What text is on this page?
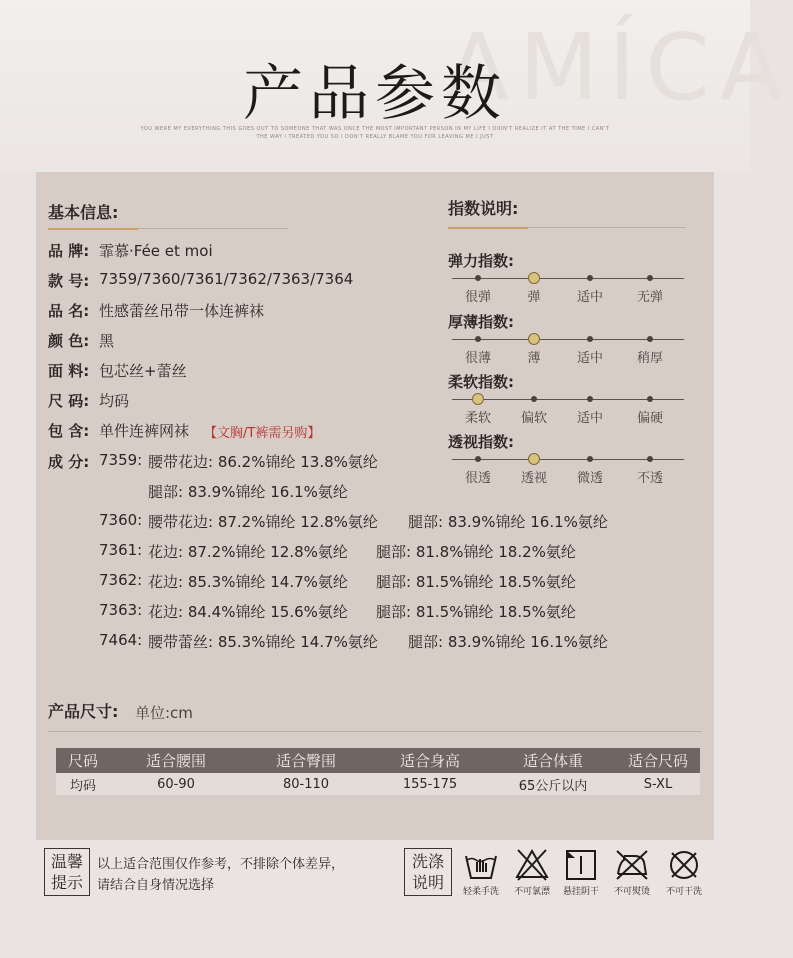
AMÍCA
产品参数
YOU WERE MY EVERYTHING THIS GOES OUT TO SOMEONE THAT WAS ONCE THE MOST IMPORTANT PERSON IN MY LIFE I DIDN'T REALIZE IT AT THE TIME I CAN'T
THE WAY I TREATED YOU SO I DON'T REALLY BLAME YOU FOR LEAVING ME I JUST
基本信息:
品 牌: 霏慕·Fée et moi
款 号: 7359/7360/7361/7362/7363/7364
品 名: 性感蕾丝吊带一体连裤袜
颜 色: 黑
面 料: 包芯丝+蕾丝
尺 码: 均码
包 含: 单件连裤网袜 【文胸/T裤需另购】
成 分: 7359: 腰带花边: 86.2%锦纶 13.8%氨纶
腿部: 83.9%锦纶 16.1%氨纶
7360: 腰带花边: 87.2%锦纶 12.8%氨纶 腿部: 83.9%锦纶 16.1%氨纶
7361: 花边: 87.2%锦纶 12.8%氨纶 腿部: 81.8%锦纶 18.2%氨纶
7362: 花边: 85.3%锦纶 14.7%氨纶 腿部: 81.5%锦纶 18.5%氨纶
7363: 花边: 84.4%锦纶 15.6%氨纶 腿部: 81.5%锦纶 18.5%氨纶
7464: 腰带蕾丝: 85.3%锦纶 14.7%氨纶 腿部: 83.9%锦纶 16.1%氨纶
指数说明:
弹力指数:
很弹	弹	适中	无弹
厚薄指数:
很薄	薄	适中	稍厚
柔软指数:
柔软	偏软	适中	偏硬
透视指数:
很透	透视	微透	不透
产品尺寸: 单位:cm
尺码	适合腰围	适合臀围	适合身高	适合体重	适合尺码
均码	60-90	80-110	155-175	65公斤以内	S-XL
温馨 提示
以上适合范围仅作参考，不排除个体差异，
请结合自身情况选择
洗涤 说明	轻柔手洗	不可氯漂	悬挂阴干	不可熨烫	不可干洗
